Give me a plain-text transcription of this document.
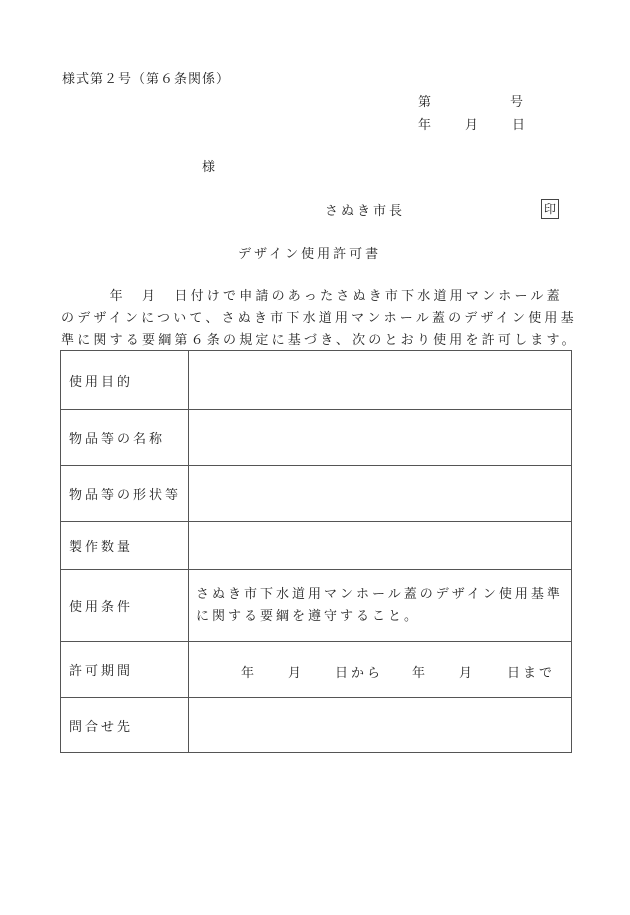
様式第２号（第６条関係）
第	号
年 月 日
様
さぬき市長	印
デザイン使用許可書
　　　年　月　日付けで申請のあったさぬき市下水道用マンホール蓋
のデザインについて、さぬき市下水道用マンホール蓋のデザイン使用基
準に関する要綱第６条の規定に基づき、次のとおり使用を許可します。
使用目的	
物品等の名称	
物品等の形状等	
製作数量	
使用条件	さぬき市下水道用マンホール蓋のデザイン使用基準
に関する要綱を遵守すること。

許可期間	年 月 日から 年 月 日まで

問合せ先	
